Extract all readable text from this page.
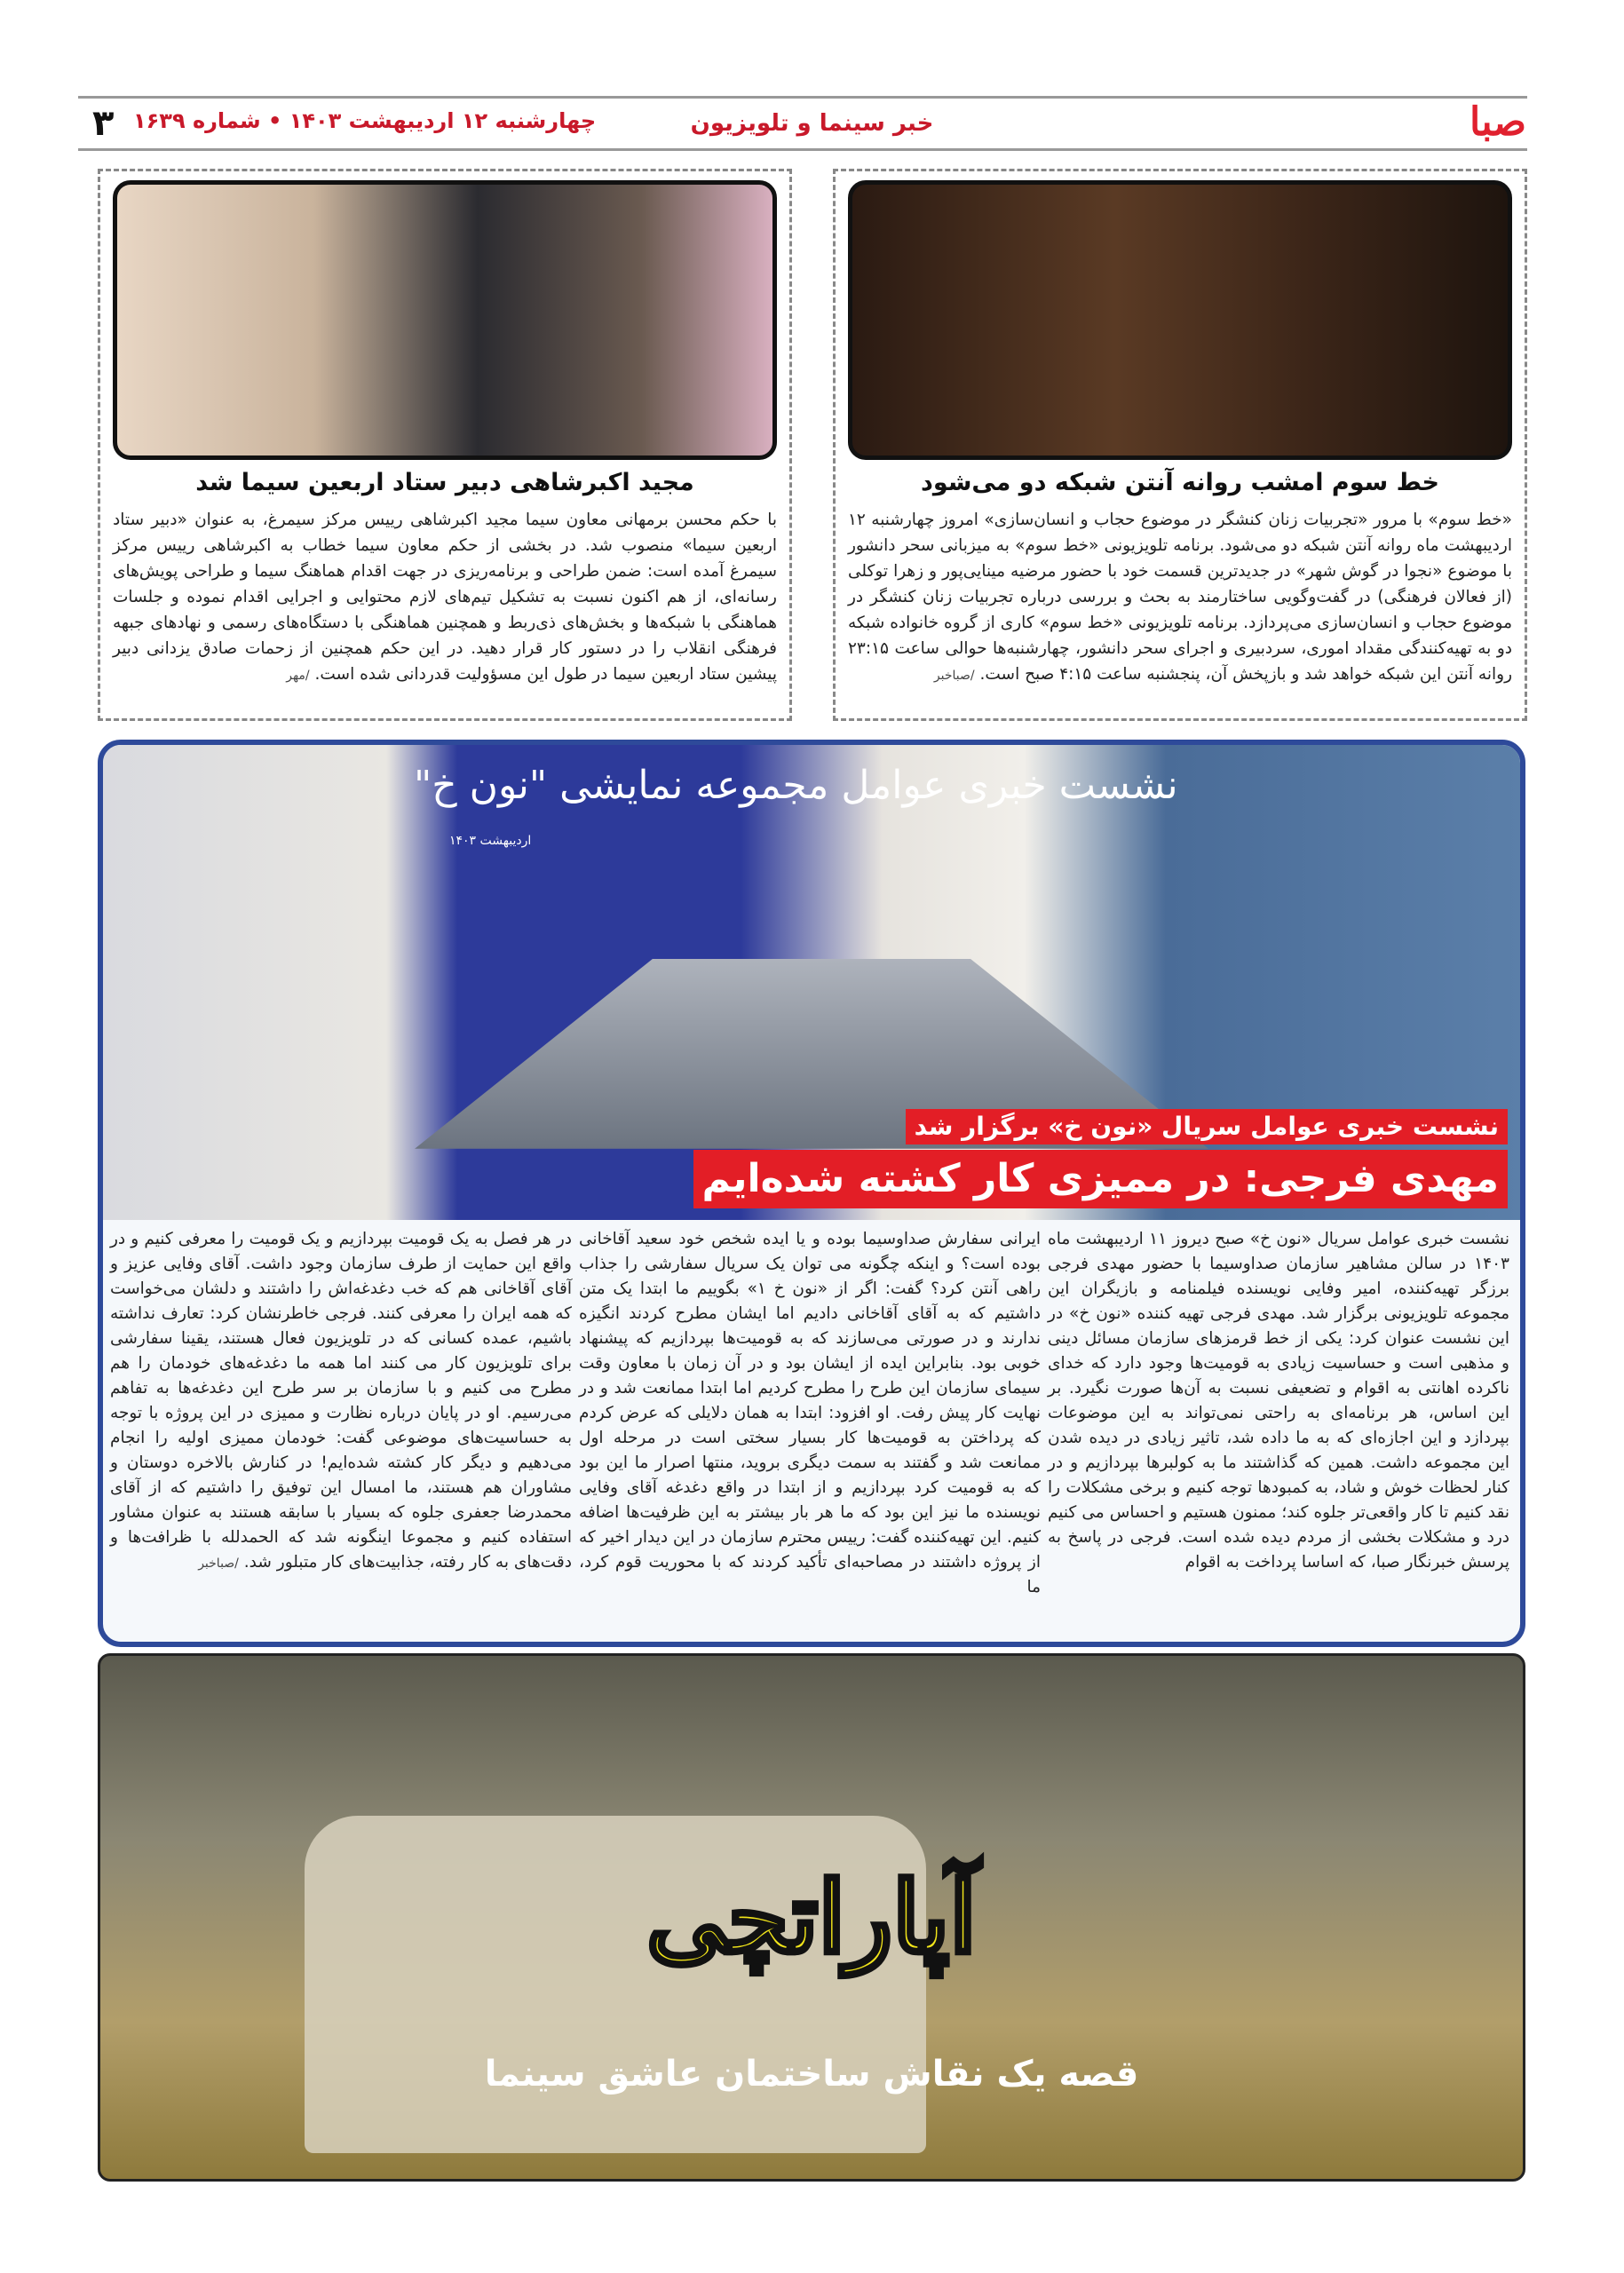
۳ چهارشنبه ۱۲ اردیبهشت ۱۴۰۳ • شماره ۱۶۳۹	خبر سینما و تلویزیون	صبا
خط سوم امشب روانه آنتن شبکه دو می‌شود
«خط سوم» با مرور «تجربیات زنان کنشگر در موضوع حجاب و انسان‌سازی» امروز چهارشنبه ۱۲ اردیبهشت ماه روانه آنتن شبکه دو می‌شود. برنامه تلویزیونی «خط سوم» به میزبانی سحر دانشور با موضوع «نجوا در گوش شهر» در جدیدترین قسمت خود با حضور مرضیه مینایی‌پور و زهرا توکلی (از فعالان فرهنگی) در گفت‌وگویی ساختارمند به بحث و بررسی درباره تجربیات زنان کنشگر در موضوع حجاب و انسان‌سازی می‌پردازد. برنامه تلویزیونی «خط سوم» کاری از گروه خانواده شبکه دو به تهیه‌کنندگی مقداد اموری، سردبیری و اجرای سحر دانشور، چهارشنبه‌ها حوالی ساعت ۲۳:۱۵ روانه آنتن این شبکه خواهد شد و بازپخش آن، پنجشنبه ساعت ۴:۱۵ صبح است. /صباخبر
مجید اکبرشاهی دبیر ستاد اربعین سیما شد
با حکم محسن برمهانی معاون سیما مجید اکبرشاهی رییس مرکز سیمرغ، به عنوان «دبیر ستاد اربعین سیما» منصوب شد. در بخشی از حکم معاون سیما خطاب به اکبرشاهی رییس مرکز سیمرغ آمده است: ضمن طراحی و برنامه‌ریزی در جهت اقدام هماهنگ سیما و طراحی پویش‌های رسانه‌ای، از هم اکنون نسبت به تشکیل تیم‌های لازم محتوایی و اجرایی اقدام نموده و جلسات هماهنگی با شبکه‌ها و بخش‌های ذی‌ربط و همچنین هماهنگی با دستگاه‌های رسمی و نهادهای جبهه فرهنگی انقلاب را در دستور کار قرار دهید. در این حکم همچنین از زحمات صادق یزدانی دبیر پیشین ستاد اربعین سیما در طول این مسؤولیت قدردانی شده است. /مهر
نشست خبری عوامل مجموعه نمایشی "نون خ"
اردیبهشت ۱۴۰۳
نشست خبری عوامل سریال «نون خ» برگزار شد
مهدی فرجی: در ممیزی کار کشته شده‌ایم
نشست خبری عوامل سریال «نون خ» صبح دیروز ۱۱ اردیبهشت ماه ۱۴۰۳ در سالن مشاهیر سازمان صداوسیما با حضور مهدی فرجی برزگر تهیه‌کننده، امیر وفایی نویسنده فیلمنامه و بازیگران این مجموعه تلویزیونی برگزار شد. مهدی فرجی تهیه کننده «نون خ» در این نشست عنوان کرد: یکی از خط قرمزهای سازمان مسائل دینی و مذهبی است و حساسیت زیادی به قومیت‌ها وجود دارد که خدای ناکرده اهانتی به اقوام و تضعیفی نسبت به آن‌ها صورت نگیرد. بر این اساس، هر برنامه‌ای به راحتی نمی‌تواند به این موضوعات بپردازد و این اجازه‌ای که به ما داده شد، تاثیر زیادی در دیده شدن این مجموعه داشت. همین که گذاشتند ما به کولبرها بپردازیم و در کنار لحظات خوش و شاد، به کمبودها توجه کنیم و برخی مشکلات را نقد کنیم تا کار واقعی‌تر جلوه کند؛ ممنون هستیم و احساس می کنیم درد و مشکلات بخشی از مردم دیده شده است. فرجی در پاسخ به پرسش خبرنگار صبا، که اساسا پرداخت به اقوام
ایرانی سفارش صداوسیما بوده و یا ایده شخص خود سعید آقاخانی بوده است؟ و اینکه چگونه می توان یک سریال سفارشی را جذاب راهی آنتن کرد؟ گفت: اگر از «نون خ ۱» بگوییم ما ابتدا یک متن داشتیم که به آقای آقاخانی دادیم اما ایشان مطرح کردند انگیزه ندارند و در صورتی می‌سازند که به قومیت‌ها بپردازیم که پیشنهاد خوبی بود. بنابراین ایده از ایشان بود و در آن زمان با معاون وقت سیمای سازمان این طرح را مطرح کردیم اما ابتدا ممانعت شد و در نهایت کار پیش رفت. او افزود: ابتدا به همان دلایلی که عرض کردم که پرداختن به قومیت‌ها کار بسیار سختی است در مرحله اول ممانعت شد و گفتند به سمت دیگری بروید، منتها اصرار ما این بود که به قومیت کرد بپردازیم و از ابتدا در واقع دغدغه آقای وفایی نویسنده ما نیز این بود که ما هر بار بیشتر به این ظرفیت‌ها اضافه کنیم. این تهیه‌کننده گفت: رییس محترم سازمان در این دیدار اخیر که از پروژه داشتند در مصاحبه‌ای تأکید کردند که با محوریت قوم کرد، ما
در هر فصل به یک قومیت بپردازیم و یک قومیت را معرفی کنیم و در واقع این حمایت از طرف سازمان وجود داشت. آقای وفایی عزیز و آقای آقاخانی هم که خب دغدغه‌اش را داشتند و دلشان می‌خواست که همه ایران را معرفی کنند. فرجی خاطرنشان کرد: تعارف نداشته باشیم، عمده کسانی که در تلویزیون فعال هستند، یقینا سفارشی برای تلویزیون کار می کنند اما همه ما دغدغه‌های خودمان را هم مطرح می کنیم و با سازمان بر سر طرح این دغدغه‌ها به تفاهم می‌رسیم. او در پایان درباره نظارت و ممیزی در این پروژه با توجه به حساسیت‌های موضوعی گفت: خودمان ممیزی اولیه را انجام می‌دهیم و دیگر کار کشته شده‌ایم! در کنارش بالاخره دوستان و مشاوران هم هستند، ما امسال این توفیق را داشتیم که از آقای محمدرضا جعفری جلوه که بسیار با سابقه هستند به عنوان مشاور استفاده کنیم و مجموعا اینگونه شد که الحمدلله با ظرافت‌ها و دقت‌های به کار رفته، جذابیت‌های کار متبلور شد. /صباخبر
آپاراتچی
قصه یک نقاش ساختمان عاشق سینما
